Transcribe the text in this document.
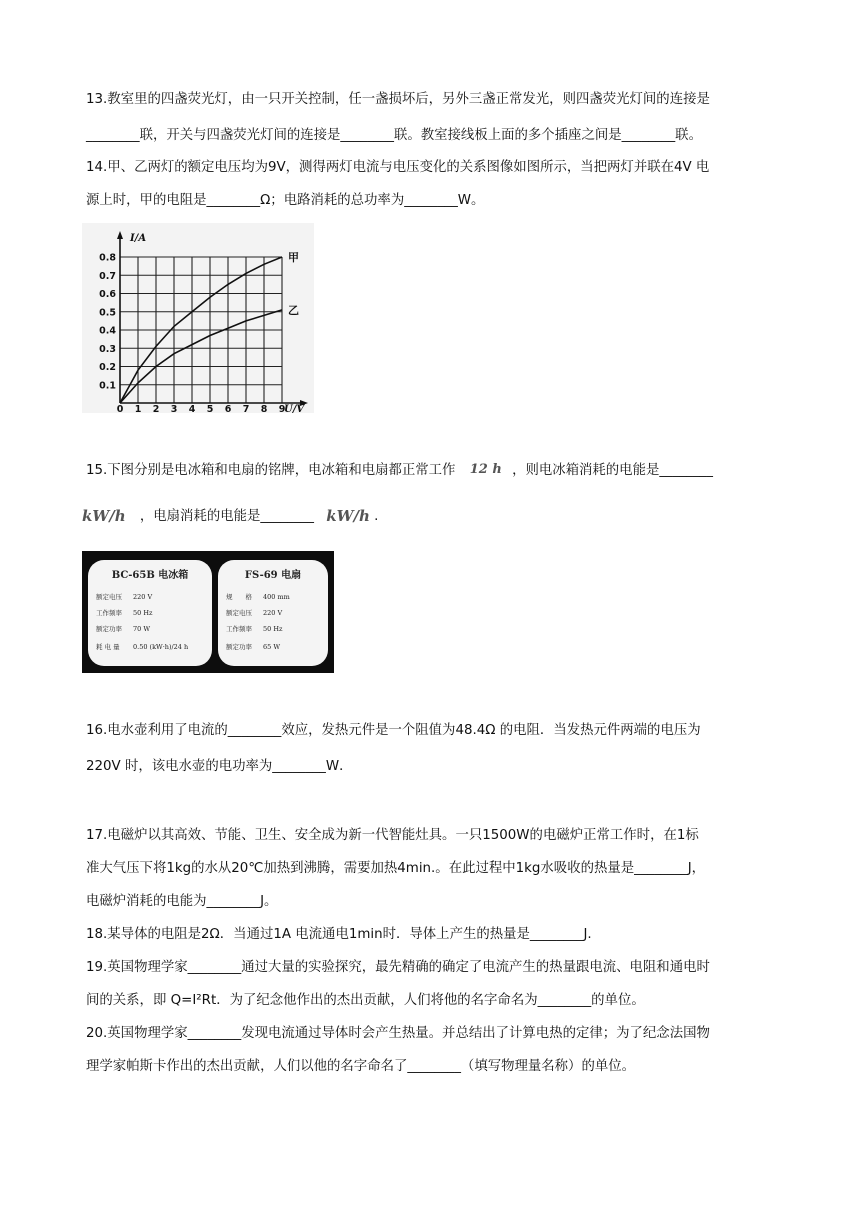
13.教室里的四盏荧光灯，由一只开关控制，任一盏损坏后，另外三盏正常发光，则四盏荧光灯间的连接是
________联，开关与四盏荧光灯间的连接是________联。教室接线板上面的多个插座之间是________联。
14.甲、乙两灯的额定电压均为9V，测得两灯电流与电压变化的关系图像如图所示，当把两灯并联在4V 电
源上时，甲的电阻是________Ω；电路消耗的总功率为________W。
I/A
U/V
0 1 2 3 4 5 6 7 8 9
0.1
0.2
0.3
0.4
0.5
0.6
0.7
0.8	甲
乙
15.下图分别是电冰箱和电扇的铭牌，电冰箱和电扇都正常工作 12 h ，则电冰箱消耗的电能是________
kW/h ，电扇消耗的电能是________ kW/h .
BC-65B 电冰箱
额定电压 220 V
工作频率 50 Hz
额定功率 70 W
耗 电 量 0.50 (kW·h)/24 h
FS-69 电扇
规　　格 400 mm
额定电压 220 V
工作频率 50 Hz
额定功率 65 W
16.电水壶利用了电流的________效应，发热元件是一个阻值为48.4Ω 的电阻．当发热元件两端的电压为
220V 时，该电水壶的电功率为________W．
17.电磁炉以其高效、节能、卫生、安全成为新一代智能灶具。一只1500W的电磁炉正常工作时，在1标
准大气压下将1kg的水从20℃加热到沸腾，需要加热4min.。在此过程中1kg水吸收的热量是________J，
电磁炉消耗的电能为________J。
18.某导体的电阻是2Ω．当通过1A 电流通电1min时．导体上产生的热量是________J.
19.英国物理学家________通过大量的实验探究，最先精确的确定了电流产生的热量跟电流、电阻和通电时
间的关系，即 Q=I²Rt．为了纪念他作出的杰出贡献，人们将他的名字命名为________的单位。
20.英国物理学家________发现电流通过导体时会产生热量。并总结出了计算电热的定律；为了纪念法国物
理学家帕斯卡作出的杰出贡献，人们以他的名字命名了________（填写物理量名称）的单位。
